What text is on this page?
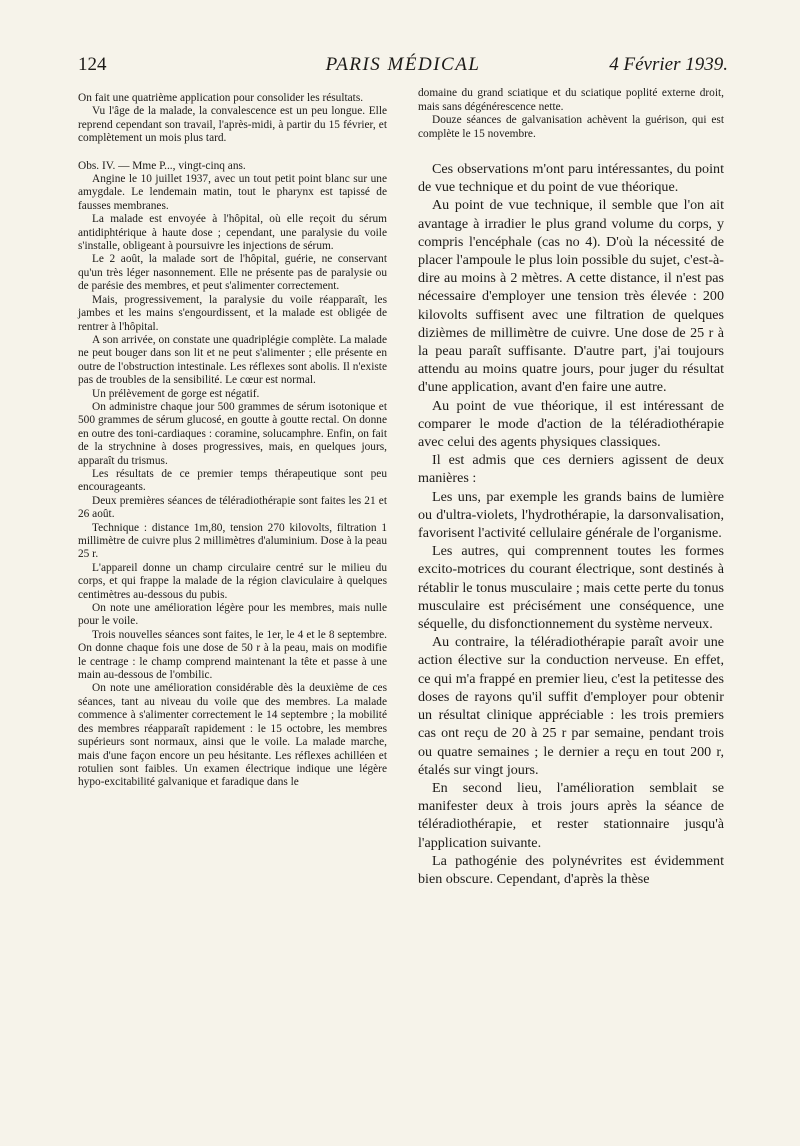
124	PARIS MÉDICAL	4 Février 1939.

On fait une quatrième application pour consolider les résultats.

Vu l'âge de la malade, la convalescence est un peu longue. Elle reprend cependant son travail, l'après-midi, à partir du 15 février, et complètement un mois plus tard.

Obs. IV. — Mme P..., vingt-cinq ans.

Angine le 10 juillet 1937, avec un tout petit point blanc sur une amygdale. Le lendemain matin, tout le pharynx est tapissé de fausses membranes.

La malade est envoyée à l'hôpital, où elle reçoit du sérum antidiphtérique à haute dose ; cependant, une paralysie du voile s'installe, obligeant à poursuivre les injections de sérum.

Le 2 août, la malade sort de l'hôpital, guérie, ne conservant qu'un très léger nasonnement. Elle ne présente pas de paralysie ou de parésie des membres, et peut s'alimenter correctement.

Mais, progressivement, la paralysie du voile réapparaît, les jambes et les mains s'engourdissent, et la malade est obligée de rentrer à l'hôpital.

A son arrivée, on constate une quadriplégie complète. La malade ne peut bouger dans son lit et ne peut s'alimenter ; elle présente en outre de l'obstruction intestinale. Les réflexes sont abolis. Il n'existe pas de troubles de la sensibilité. Le cœur est normal.

Un prélèvement de gorge est négatif.

On administre chaque jour 500 grammes de sérum isotonique et 500 grammes de sérum glucosé, en goutte à goutte rectal. On donne en outre des toni-cardiaques : coramine, solucamphre. Enfin, on fait de la strychnine à doses progressives, mais, en quelques jours, apparaît du trismus.

Les résultats de ce premier temps thérapeutique sont peu encourageants.

Deux premières séances de téléradiothérapie sont faites les 21 et 26 août.

Technique : distance 1m,80, tension 270 kilovolts, filtration 1 millimètre de cuivre plus 2 millimètres d'aluminium. Dose à la peau 25 r.

L'appareil donne un champ circulaire centré sur le milieu du corps, et qui frappe la malade de la région claviculaire à quelques centimètres au-dessous du pubis.

On note une amélioration légère pour les membres, mais nulle pour le voile.

Trois nouvelles séances sont faites, le 1er, le 4 et le 8 septembre. On donne chaque fois une dose de 50 r à la peau, mais on modifie le centrage : le champ comprend maintenant la tête et passe à une main au-dessous de l'ombilic.

On note une amélioration considérable dès la deuxième de ces séances, tant au niveau du voile que des membres. La malade commence à s'alimenter correctement le 14 septembre ; la mobilité des membres réapparaît rapidement : le 15 octobre, les membres supérieurs sont normaux, ainsi que le voile. La malade marche, mais d'une façon encore un peu hésitante. Les réflexes achilléen et rotulien sont faibles. Un examen électrique indique une légère hypo-excitabilité galvanique et faradique dans le

domaine du grand sciatique et du sciatique poplité externe droit, mais sans dégénérescence nette.

Douze séances de galvanisation achèvent la guérison, qui est complète le 15 novembre.

Ces observations m'ont paru intéressantes, du point de vue technique et du point de vue théorique.

Au point de vue technique, il semble que l'on ait avantage à irradier le plus grand volume du corps, y compris l'encéphale (cas no 4). D'où la nécessité de placer l'ampoule le plus loin possible du sujet, c'est-à-dire au moins à 2 mètres. A cette distance, il n'est pas nécessaire d'employer une tension très élevée : 200 kilovolts suffisent avec une filtration de quelques dizièmes de millimètre de cuivre. Une dose de 25 r à la peau paraît suffisante. D'autre part, j'ai toujours attendu au moins quatre jours, pour juger du résultat d'une application, avant d'en faire une autre.

Au point de vue théorique, il est intéressant de comparer le mode d'action de la téléradiothérapie avec celui des agents physiques classiques.

Il est admis que ces derniers agissent de deux manières :

Les uns, par exemple les grands bains de lumière ou d'ultra-violets, l'hydrothérapie, la darsonvalisation, favorisent l'activité cellulaire générale de l'organisme.

Les autres, qui comprennent toutes les formes excito-motrices du courant électrique, sont destinés à rétablir le tonus musculaire ; mais cette perte du tonus musculaire est précisément une conséquence, une séquelle, du disfonctionnement du système nerveux.

Au contraire, la téléradiothérapie paraît avoir une action élective sur la conduction nerveuse. En effet, ce qui m'a frappé en premier lieu, c'est la petitesse des doses de rayons qu'il suffit d'employer pour obtenir un résultat clinique appréciable : les trois premiers cas ont reçu de 20 à 25 r par semaine, pendant trois ou quatre semaines ; le dernier a reçu en tout 200 r, étalés sur vingt jours.

En second lieu, l'amélioration semblait se manifester deux à trois jours après la séance de téléradiothérapie, et rester stationnaire jusqu'à l'application suivante.

La pathogénie des polynévrites est évidemment bien obscure. Cependant, d'après la thèse
